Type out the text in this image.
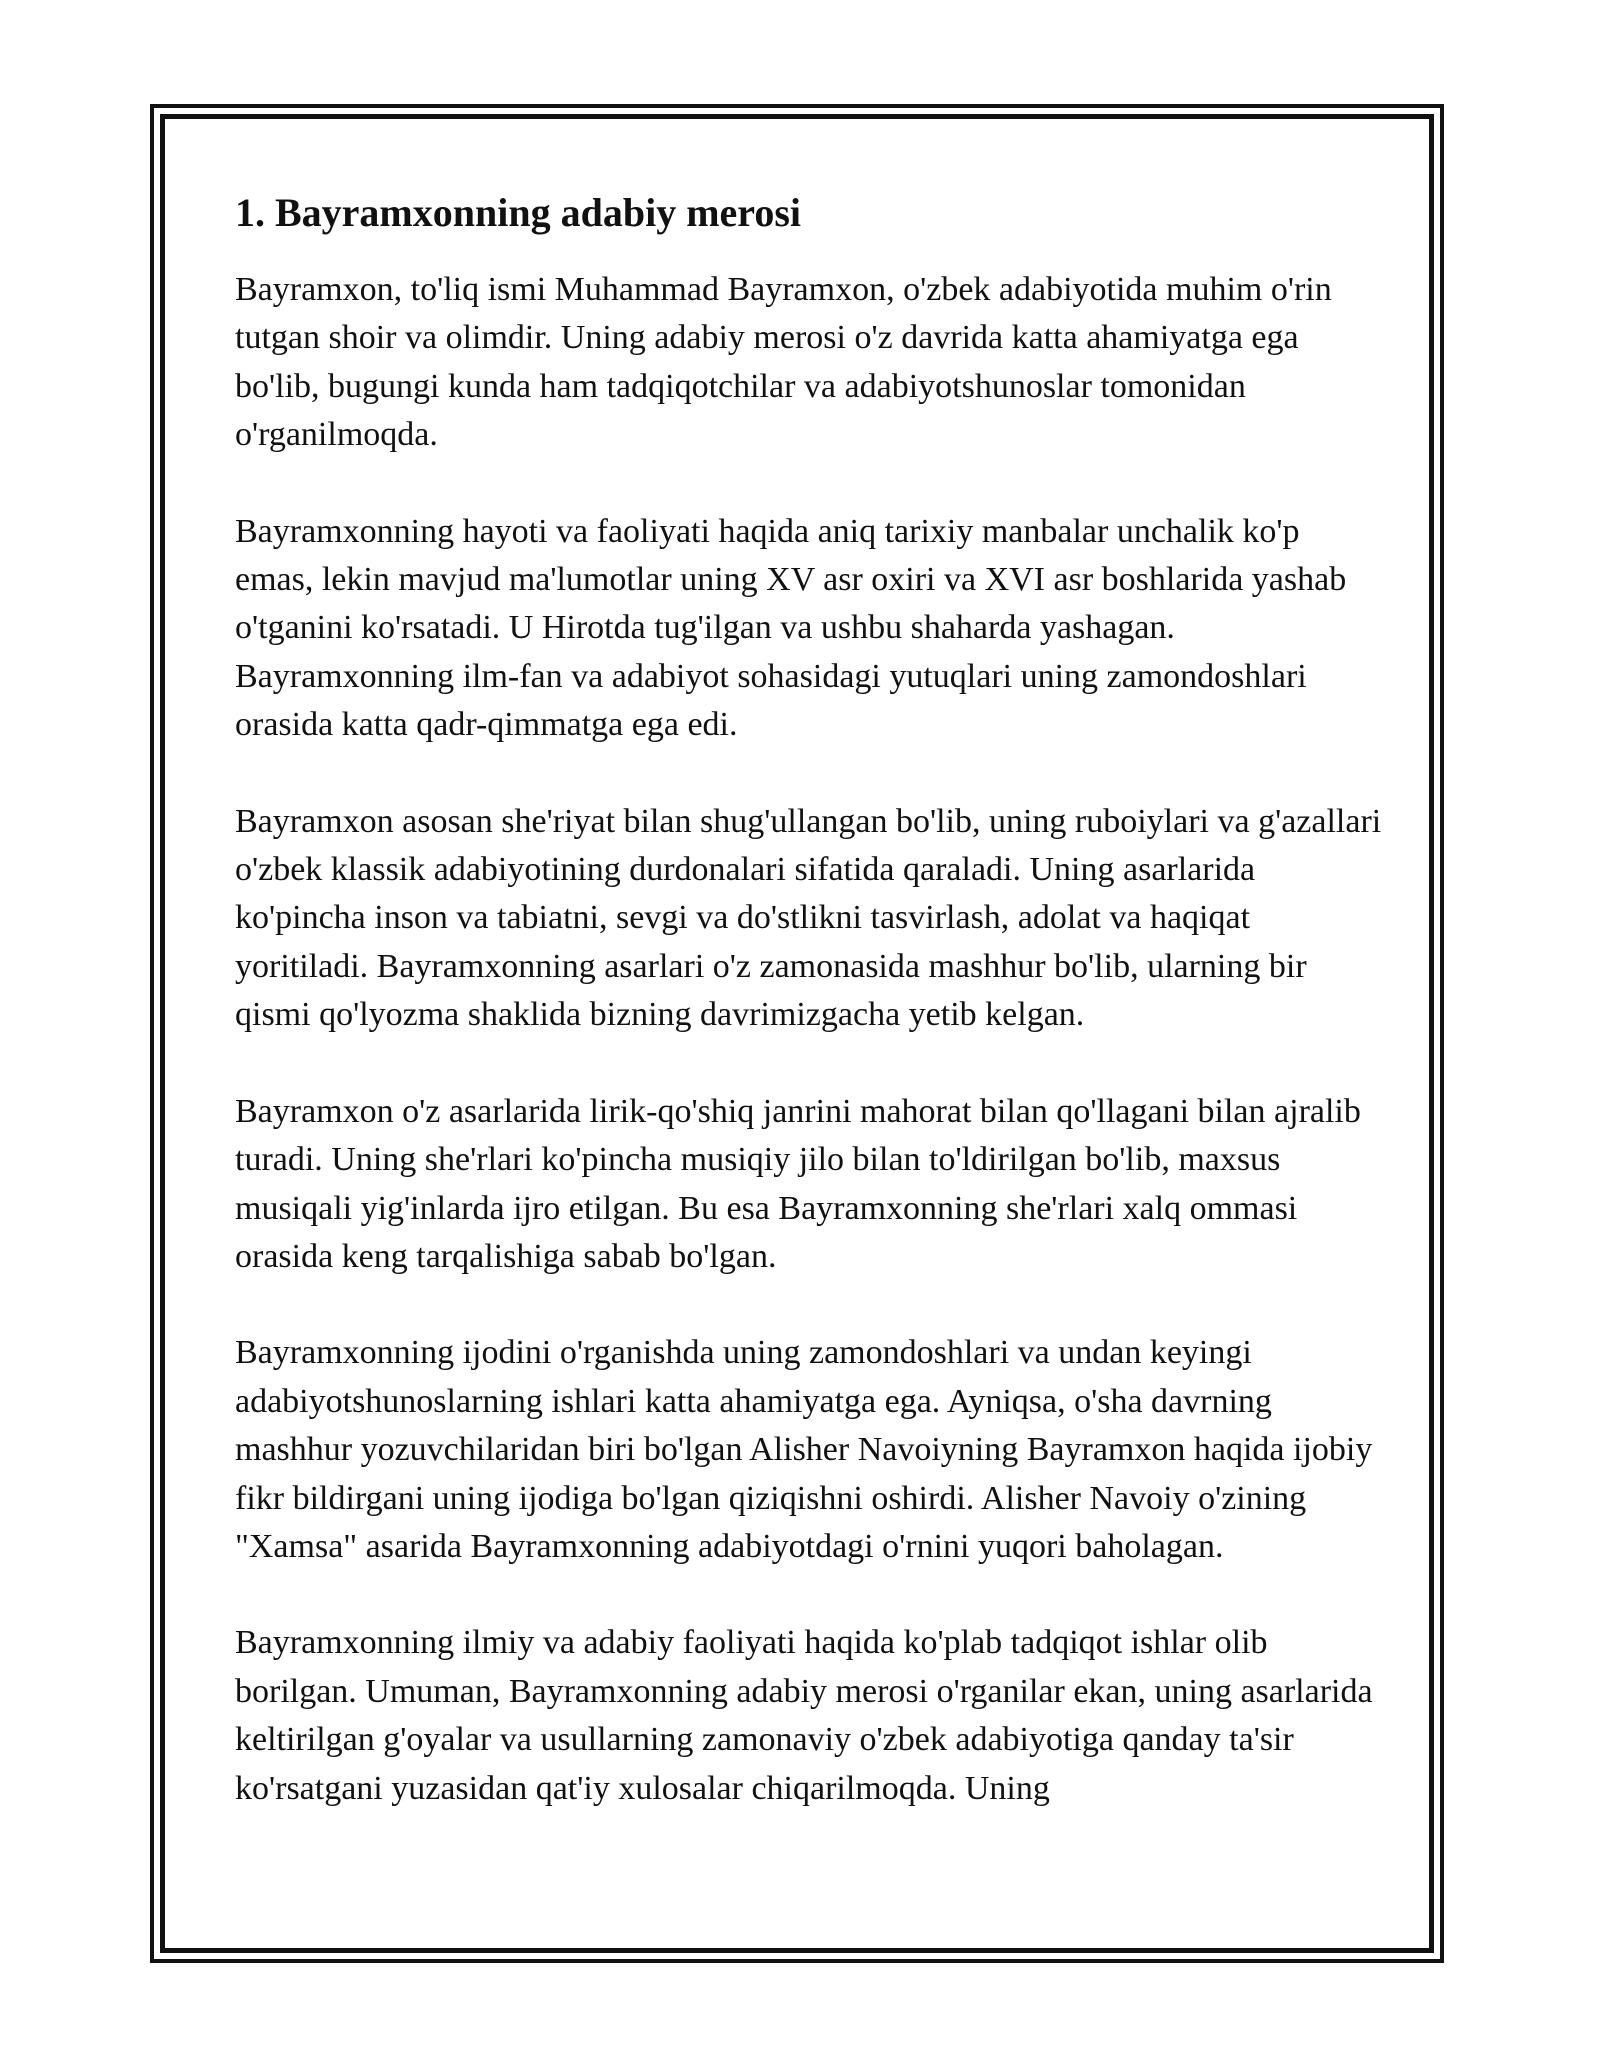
1. Bayramxonning adabiy merosi

Bayramxon, to'liq ismi Muhammad Bayramxon, o'zbek adabiyotida muhim o'rin tutgan shoir va olimdir. Uning adabiy merosi o'z davrida katta ahamiyatga ega bo'lib, bugungi kunda ham tadqiqotchilar va adabiyotshunoslar tomonidan o'rganilmoqda.

Bayramxonning hayoti va faoliyati haqida aniq tarixiy manbalar unchalik ko'p emas, lekin mavjud ma'lumotlar uning XV asr oxiri va XVI asr boshlarida yashab o'tganini ko'rsatadi. U Hirotda tug'ilgan va ushbu shaharda yashagan. Bayramxonning ilm-fan va adabiyot sohasidagi yutuqlari uning zamondoshlari orasida katta qadr-qimmatga ega edi.

Bayramxon asosan she'riyat bilan shug'ullangan bo'lib, uning ruboiylari va g'azallari o'zbek klassik adabiyotining durdonalari sifatida qaraladi. Uning asarlarida ko'pincha inson va tabiatni, sevgi va do'stlikni tasvirlash, adolat va haqiqat yoritiladi. Bayramxonning asarlari o'z zamonasida mashhur bo'lib, ularning bir qismi qo'lyozma shaklida bizning davrimizgacha yetib kelgan.

Bayramxon o'z asarlarida lirik-qo'shiq janrini mahorat bilan qo'llagani bilan ajralib turadi. Uning she'rlari ko'pincha musiqiy jilo bilan to'ldirilgan bo'lib, maxsus musiqali yig'inlarda ijro etilgan. Bu esa Bayramxonning she'rlari xalq ommasi orasida keng tarqalishiga sabab bo'lgan.

Bayramxonning ijodini o'rganishda uning zamondoshlari va undan keyingi adabiyotshunoslarning ishlari katta ahamiyatga ega. Ayniqsa, o'sha davrning mashhur yozuvchilaridan biri bo'lgan Alisher Navoiyning Bayramxon haqida ijobiy fikr bildirgani uning ijodiga bo'lgan qiziqishni oshirdi. Alisher Navoiy o'zining "Xamsa" asarida Bayramxonning adabiyotdagi o'rnini yuqori baholagan.

Bayramxonning ilmiy va adabiy faoliyati haqida ko'plab tadqiqot ishlar olib borilgan. Umuman, Bayramxonning adabiy merosi o'rganilar ekan, uning asarlarida keltirilgan g'oyalar va usullarning zamonaviy o'zbek adabiyotiga qanday ta'sir ko'rsatgani yuzasidan qat'iy xulosalar chiqarilmoqda. Uning
